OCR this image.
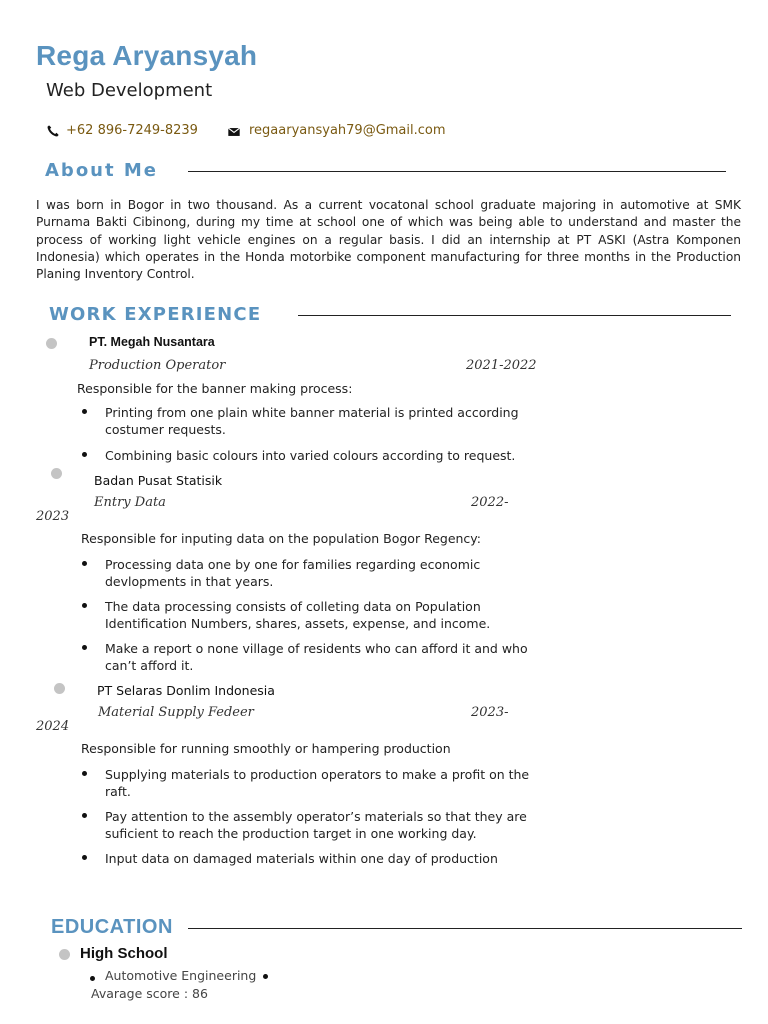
Rega Aryansyah
Web Development
+62 896-7249-8239	regaaryansyah79@Gmail.com
About Me
I was born in Bogor in two thousand. As a current vocatonal school graduate majoring in automotive at SMK Purnama Bakti Cibinong, during my time at school one of which was being able to understand and master the process of working light vehicle engines on a regular basis. I did an internship at PT ASKI (Astra Komponen Indonesia) which operates in the Honda motorbike component manufacturing for three months in the Production Planing Inventory Control.
WORK EXPERIENCE
PT. Megah Nusantara
Production Operator	2021-2022
Responsible for the banner making process:
Printing from one plain white banner material is printed according costumer requests.
Combining basic colours into varied colours according to request.
Badan Pusat Statisik
Entry Data	2022-
2023
Responsible for inputing data on the population Bogor Regency:
Processing data one by one for families regarding economic devlopments in that years.
The data processing consists of colleting data on Population Identification Numbers, shares, assets, expense, and income.
Make a report o none village of residents who can afford it and who can’t afford it.
PT Selaras Donlim Indonesia
Material Supply Fedeer	2023-
2024
Responsible for running smoothly or hampering production
Supplying materials to production operators to make a profit on the raft.
Pay attention to the assembly operator’s materials so that they are suficient to reach the production target in one working day.
Input data on damaged materials within one day of production
EDUCATION
High School
Automotive Engineering
Avarage score : 86
